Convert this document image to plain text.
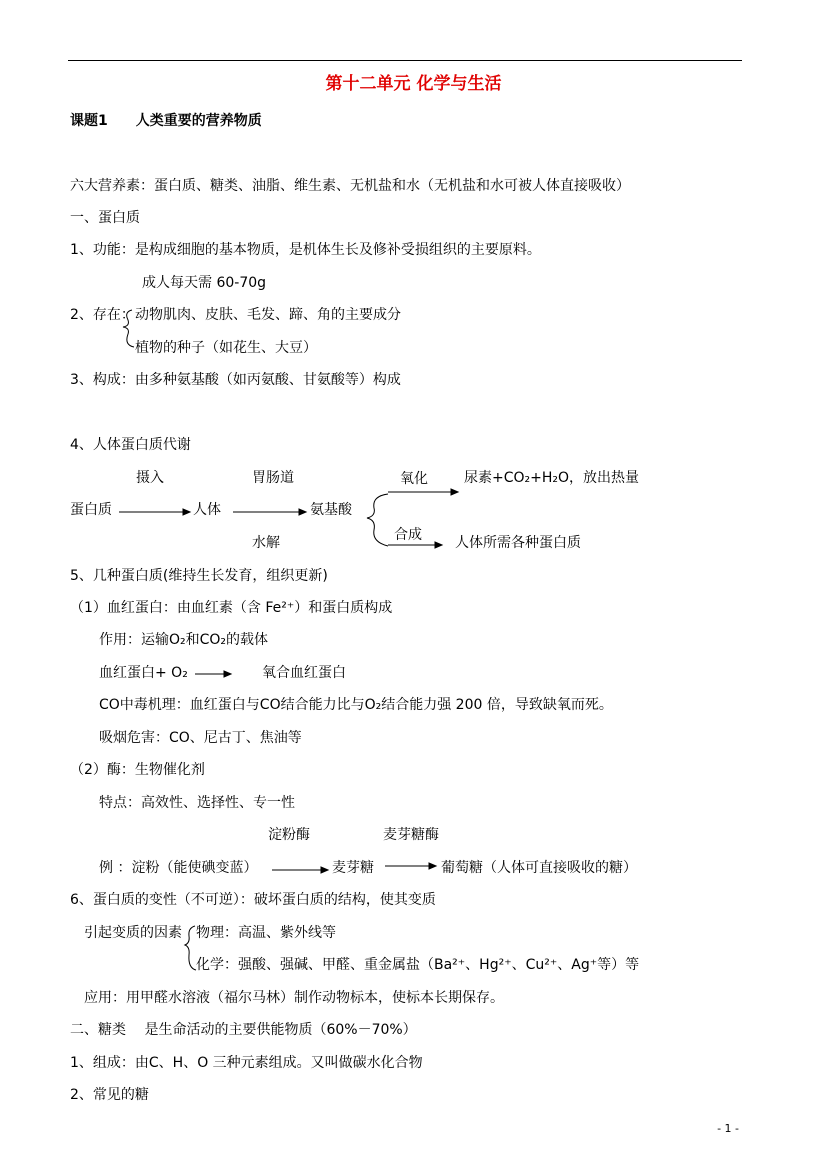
第十二单元 化学与生活
课题1　　人类重要的营养物质
六大营养素：蛋白质、糖类、油脂、维生素、无机盐和水（无机盐和水可被人体直接吸收）
一、蛋白质
1、功能：是构成细胞的基本物质，是机体生长及修补受损组织的主要原料。
成人每天需 60-70g
2、存在： 动物肌肉、皮肤、毛发、蹄、角的主要成分
植物的种子（如花生、大豆）
3、构成：由多种氨基酸（如丙氨酸、甘氨酸等）构成
4、人体蛋白质代谢
摄入	胃肠道	氧化	尿素+CO₂+H₂O，放出热量
蛋白质	人体	氨基酸
水解	合成 人体所需各种蛋白质
5、几种蛋白质(维持生长发育，组织更新)
（1）血红蛋白：由血红素（含 Fe²⁺）和蛋白质构成
作用：运输O₂和CO₂的载体
血红蛋白+ O₂	氧合血红蛋白
CO中毒机理：血红蛋白与CO结合能力比与O₂结合能力强 200 倍，导致缺氧而死。
吸烟危害：CO、尼古丁、焦油等
（2）酶：生物催化剂
特点：高效性、选择性、专一性
淀粉酶	麦芽糖酶
例 ：淀粉（能使碘变蓝）	麦芽糖	葡萄糖（人体可直接吸收的糖）
6、蛋白质的变性（不可逆）：破坏蛋白质的结构，使其变质
引起变质的因素 物理：高温、紫外线等
化学：强酸、强碱、甲醛、重金属盐（Ba²⁺、Hg²⁺、Cu²⁺、Ag⁺等）等
应用：用甲醛水溶液（福尔马林）制作动物标本，使标本长期保存。
二、糖类　 是生命活动的主要供能物质（60%－70%）
1、组成：由C、H、O 三种元素组成。又叫做碳水化合物
2、常见的糖
- 1 -
